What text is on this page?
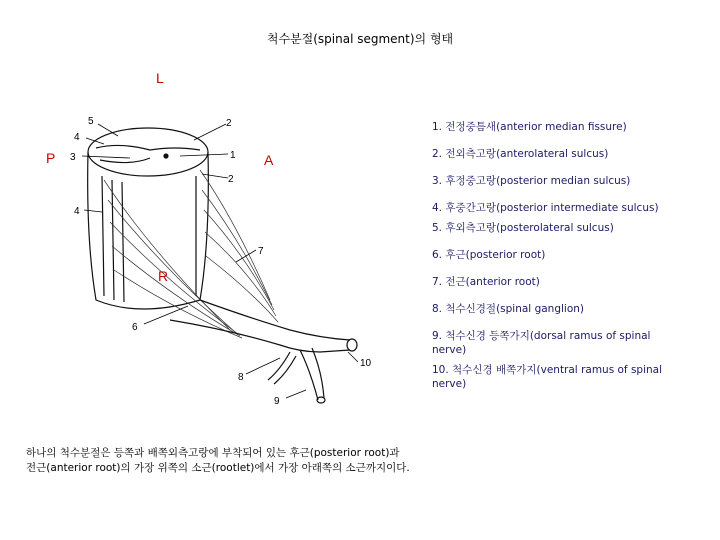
척수분절(spinal segment)의 형태
L
P	A
R
5	2
4
3	1
2
4
7
6
10
8
9
1. 전정중틈새(anterior median fissure)
2. 전외측고랑(anterolateral sulcus)
3. 후정중고랑(posterior median sulcus)
4. 후중간고랑(posterior intermediate sulcus)
5. 후외측고랑(posterolateral sulcus)
6. 후근(posterior root)
7. 전근(anterior root)
8. 척수신경절(spinal ganglion)
9. 척수신경 등쪽가지(dorsal ramus of spinal nerve)
10. 척수신경 배쪽가지(ventral ramus of spinal nerve)
하나의 척수분절은 등쪽과 배쪽외측고랑에 부착되어 있는 후근(posterior root)과
전근(anterior root)의 가장 위쪽의 소근(rootlet)에서 가장 아래쪽의 소근까지이다.
